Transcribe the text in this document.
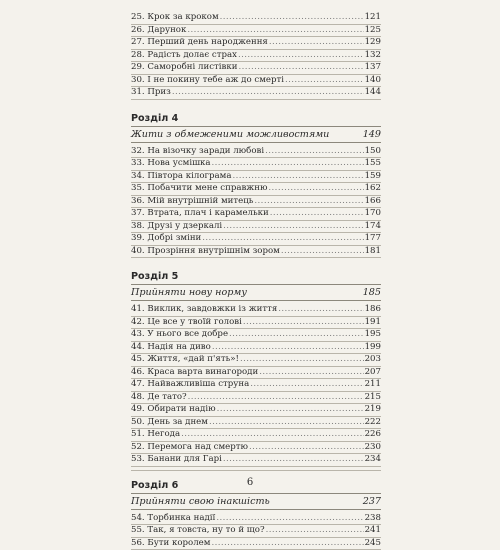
25. Крок за кроком .....	121
26. Дарунок .....	125
27. Перший день народження .....	129
28. Радість долає страх .....	132
29. Саморобні листівки .....	137
30. І не покину тебе аж до смерті .....	140
31. Приз .....	144
Розділ 4
Жити з обмеженими можливостями	149
32. На візочку заради любові .....	150
33. Нова усмішка .....	155
34. Півтора кілограма .....	159
35. Побачити мене справжню .....	162
36. Мій внутрішній митець .....	166
37. Втрата, плач і карамельки .....	170
38. Друзі у дзеркалі .....	174
39. Добрі зміни .....	177
40. Прозріння внутрішнім зором .....	181
Розділ 5
Прийняти нову норму	185
41. Виклик, завдовжки із життя .....	186
42. Це все у твоїй голові .....	191
43. У нього все добре .....	195
44. Надія на диво .....	199
45. Життя, «дай п'ять»! .....	203
46. Краса варта винагороди .....	207
47. Найважливіша струна .....	211
48. Де тато? .....	215
49. Обирати надію .....	219
50. День за днем .....	222
51. Негода .....	226
52. Перемога над смертю .....	230
53. Банани для Гарі .....	234
Розділ 6
Прийняти свою інакшість	237
54. Торбинка надії .....	238
55. Так, я товста, ну то й що? .....	241
56. Бути королем .....	245
6
